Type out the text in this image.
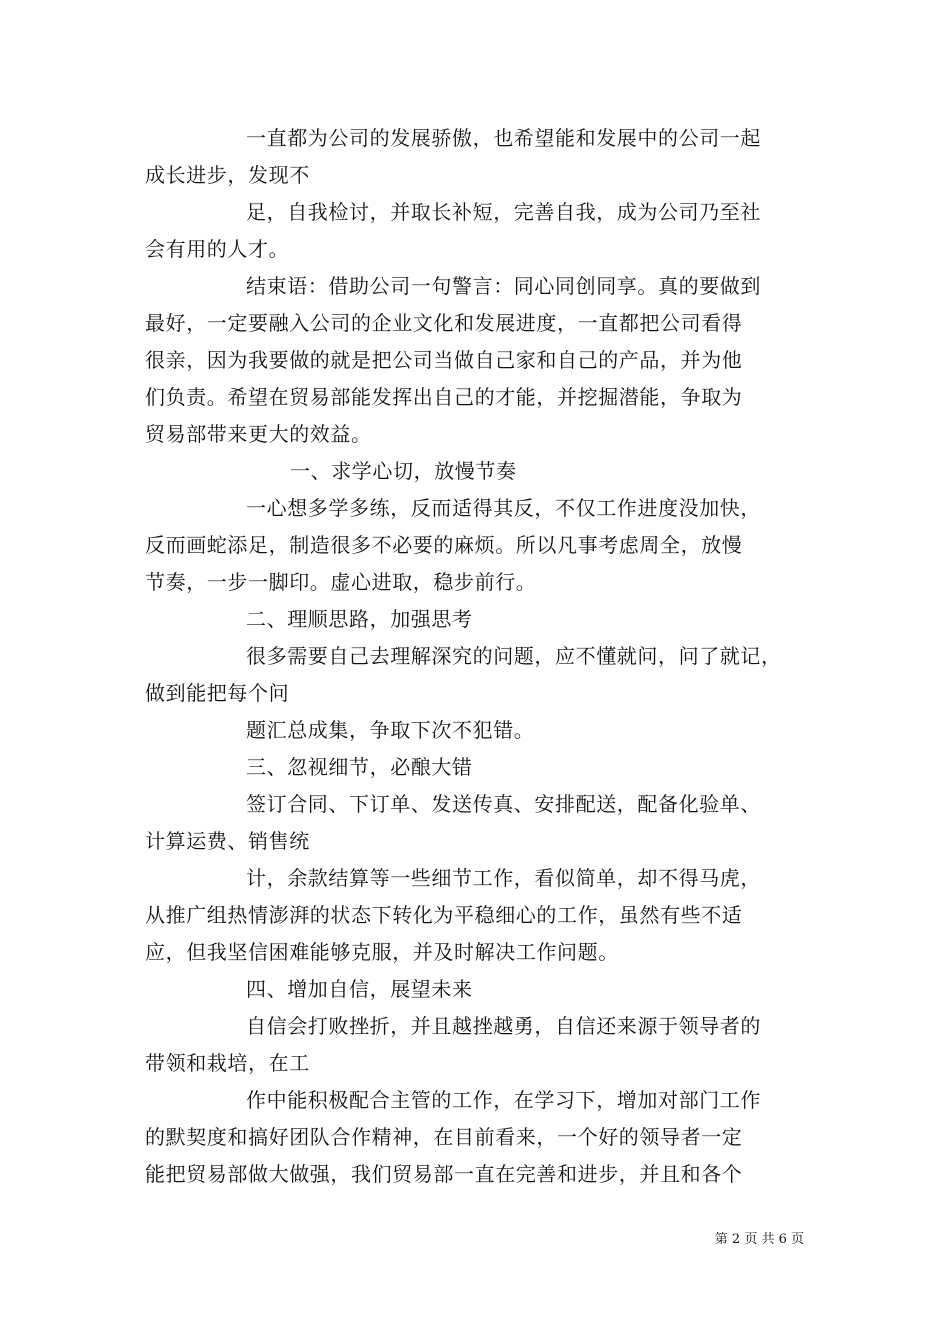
一直都为公司的发展骄傲，也希望能和发展中的公司一起
成长进步，发现不
足，自我检讨，并取长补短，完善自我，成为公司乃至社
会有用的人才。
结束语：借助公司一句警言：同心同创同享。真的要做到
最好，一定要融入公司的企业文化和发展进度，一直都把公司看得
很亲，因为我要做的就是把公司当做自己家和自己的产品，并为他
们负责。希望在贸易部能发挥出自己的才能，并挖掘潜能，争取为
贸易部带来更大的效益。
一、求学心切，放慢节奏
一心想多学多练，反而适得其反，不仅工作进度没加快，
反而画蛇添足，制造很多不必要的麻烦。所以凡事考虑周全，放慢
节奏，一步一脚印。虚心进取，稳步前行。
二、理顺思路，加强思考
很多需要自己去理解深究的问题，应不懂就问，问了就记，
做到能把每个问
题汇总成集，争取下次不犯错。
三、忽视细节，必酿大错
签订合同、下订单、发送传真、安排配送，配备化验单、
计算运费、销售统
计，余款结算等一些细节工作，看似简单，却不得马虎，
从推广组热情澎湃的状态下转化为平稳细心的工作，虽然有些不适
应，但我坚信困难能够克服，并及时解决工作问题。
四、增加自信，展望未来
自信会打败挫折，并且越挫越勇，自信还来源于领导者的
带领和栽培，在工
作中能积极配合主管的工作，在学习下，增加对部门工作
的默契度和搞好团队合作精神，在目前看来，一个好的领导者一定
能把贸易部做大做强，我们贸易部一直在完善和进步，并且和各个
第 2 页 共 6 页
